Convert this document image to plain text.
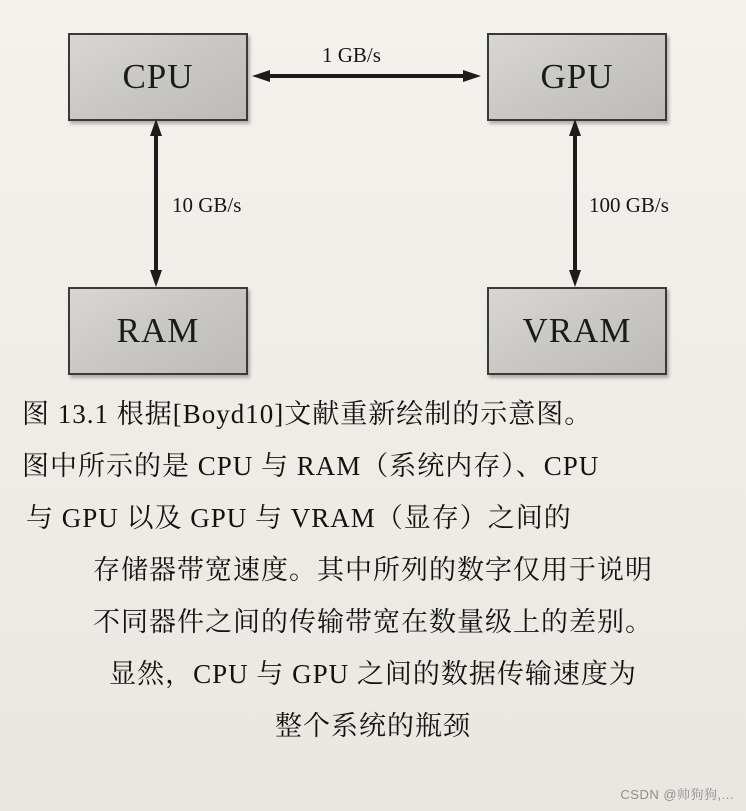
CPU	GPU
RAM	VRAM
1 GB/s
10 GB/s	100 GB/s
图 13.1 根据[Boyd10]文献重新绘制的示意图。
图中所示的是 CPU 与 RAM（系统内存）、CPU
与 GPU 以及 GPU 与 VRAM（显存）之间的
存储器带宽速度。其中所列的数字仅用于说明
不同器件之间的传输带宽在数量级上的差别。
显然，CPU 与 GPU 之间的数据传输速度为
整个系统的瓶颈
CSDN @帅狗狗,...
